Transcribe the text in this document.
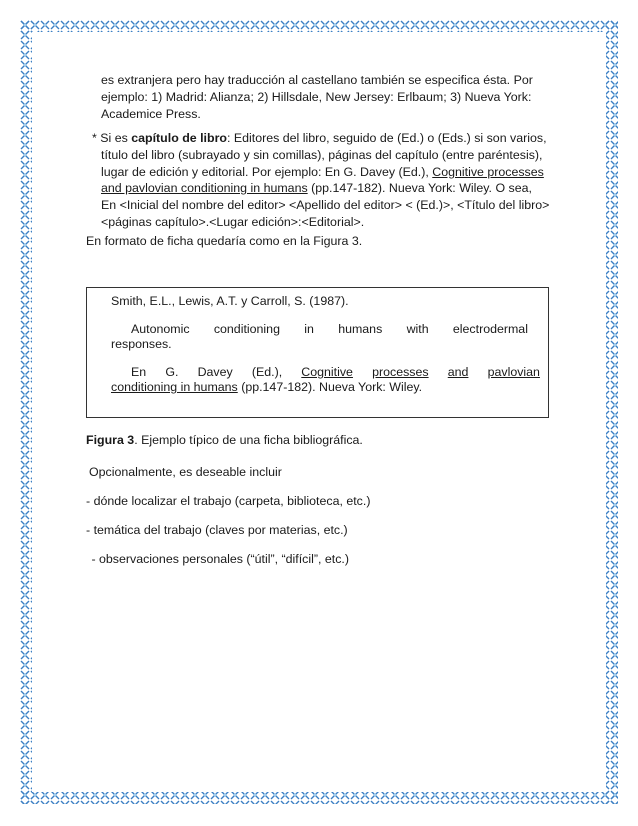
es extranjera pero hay traducción al castellano también se especifica ésta. Por
ejemplo: 1) Madrid: Alianza; 2) Hillsdale, New Jersey: Erlbaum; 3) Nueva York:
Academice Press.

* Si es capítulo de libro: Editores del libro, seguido de (Ed.) o (Eds.) si son varios,
título del libro (subrayado y sin comillas), páginas del capítulo (entre paréntesis),
lugar de edición y editorial. Por ejemplo: En G. Davey (Ed.), Cognitive processes
and pavlovian conditioning in humans (pp.147-182). Nueva York: Wiley. O sea,
En <Inicial del nombre del editor> <Apellido del editor> < (Ed.)>, <Título del libro>
<páginas capítulo>.<Lugar edición>:<Editorial>.

En formato de ficha quedaría como en la Figura 3.

Smith, E.L., Lewis, A.T. y Carroll, S. (1987).

Autonomic conditioning in humans with electrodermal

responses.

En G. Davey (Ed.), Cognitive processes and pavlovian

conditioning in humans (pp.147-182). Nueva York: Wiley.

Figura 3. Ejemplo típico de una ficha bibliográfica.

Opcionalmente, es deseable incluir

- dónde localizar el trabajo (carpeta, biblioteca, etc.)

- temática del trabajo (claves por materias, etc.)

- observaciones personales (“útil”, “difícil”, etc.)
